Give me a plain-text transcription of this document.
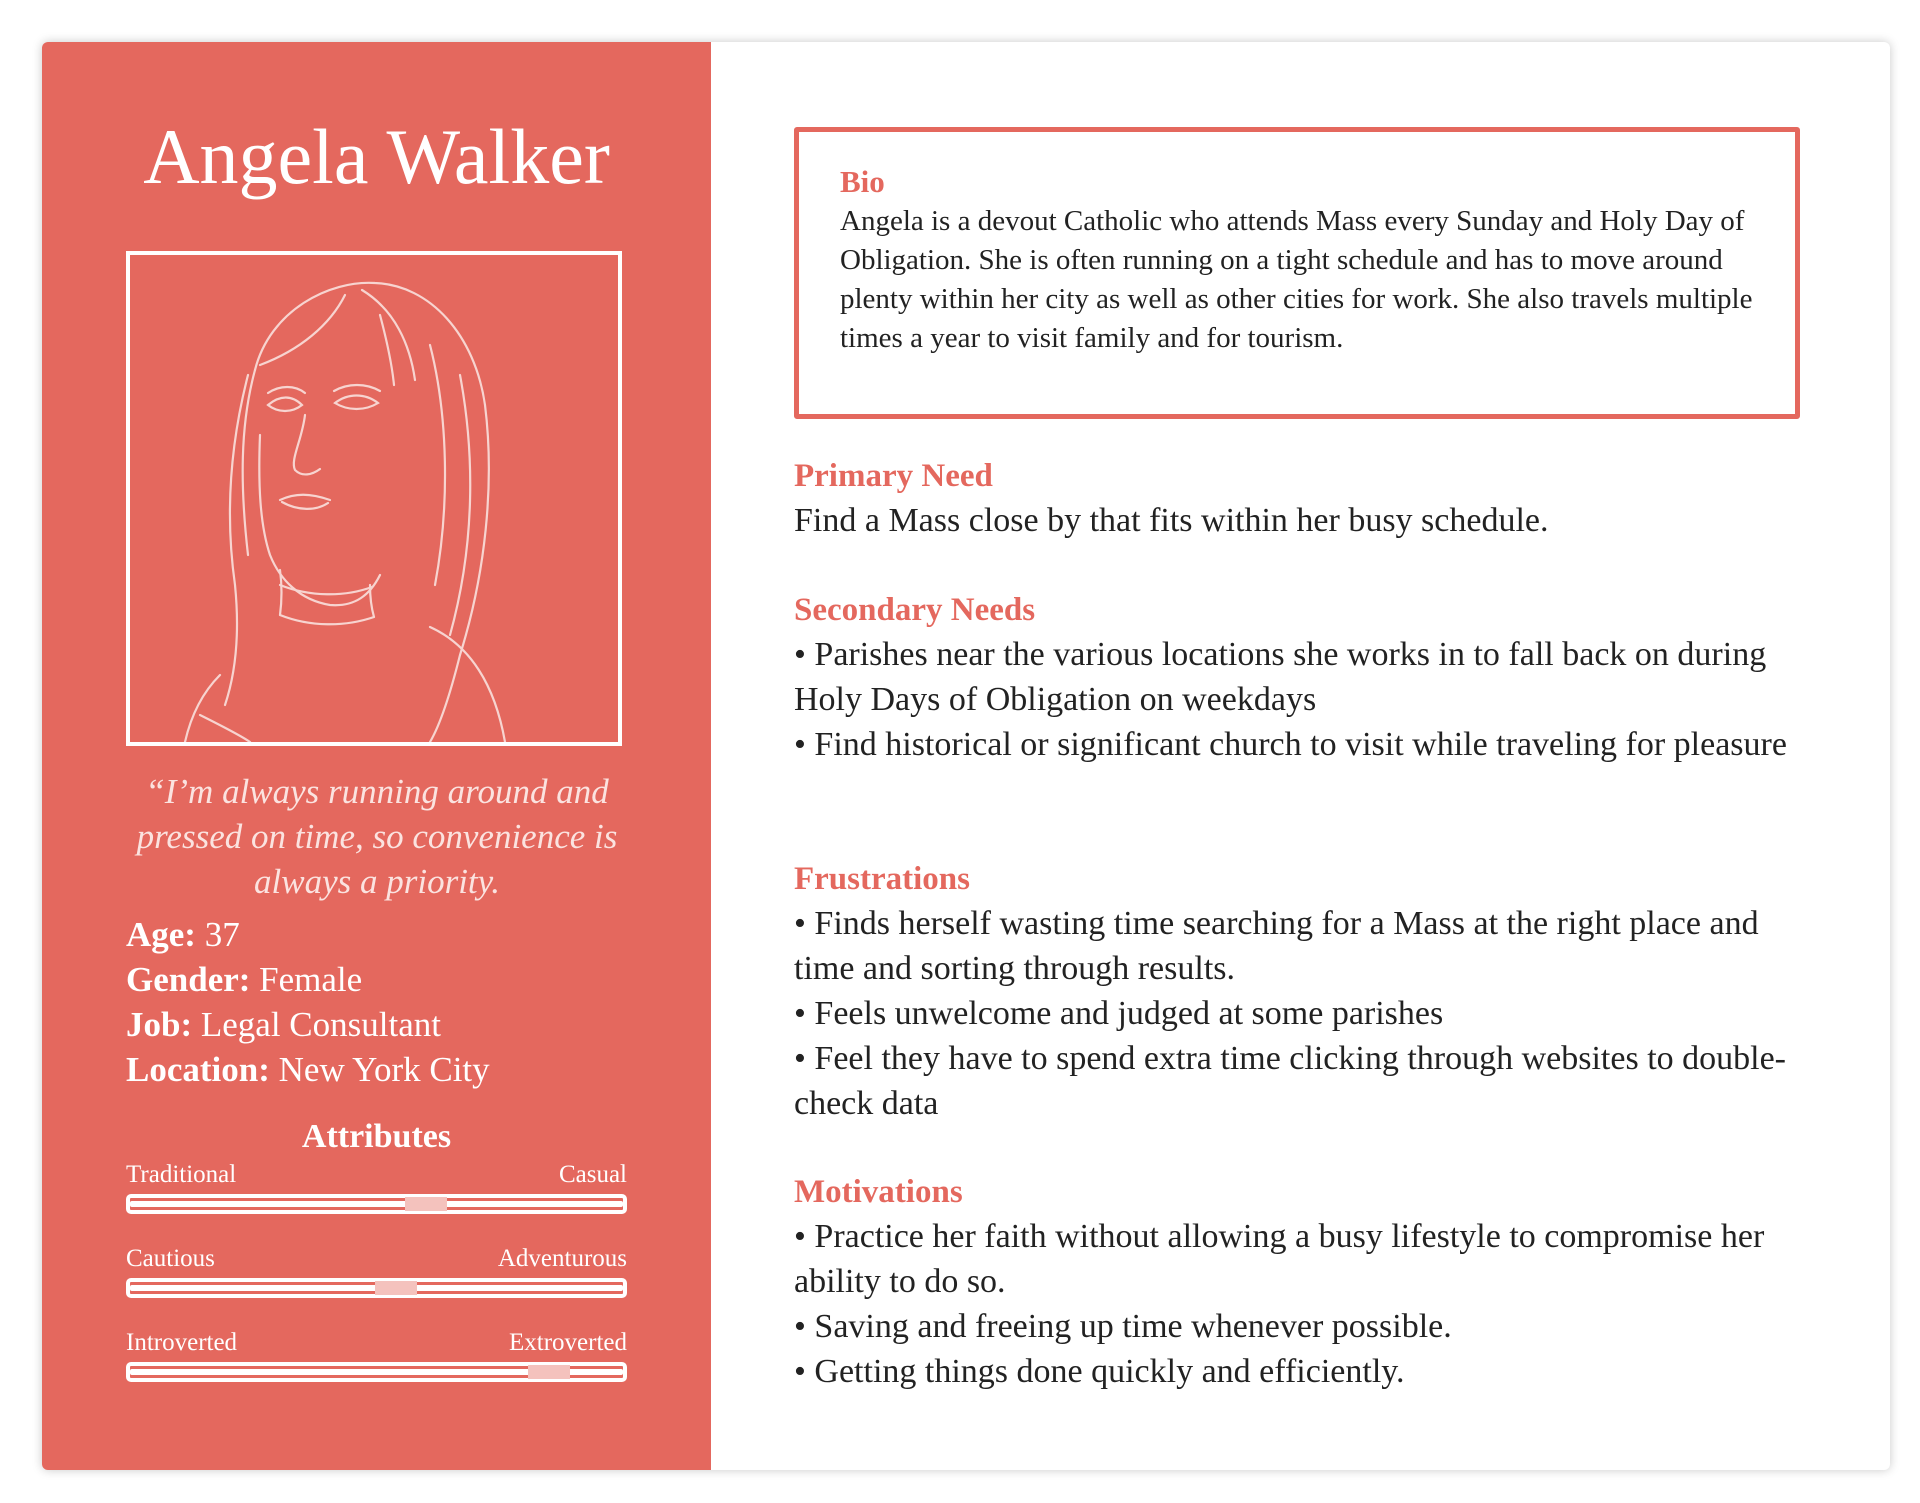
Angela Walker
“I’m always running around and pressed on time, so convenience is always a priority.
Age: 37
Gender: Female
Job: Legal Consultant
Location: New York City
Attributes
Traditional	Casual
Cautious	Adventurous
Introverted	Extroverted
Bio
Angela is a devout Catholic who attends Mass every Sunday and Holy Day of Obligation. She is often running on a tight schedule and has to move around plenty within her city as well as other cities for work. She also travels multiple times a year to visit family and for tourism.
Primary Need
Find a Mass close by that fits within her busy schedule.
Secondary Needs
• Parishes near the various locations she works in to fall back on during Holy Days of Obligation on weekdays
• Find historical or significant church to visit while traveling for pleasure
Frustrations
• Finds herself wasting time searching for a Mass at the right place and time and sorting through results.
• Feels unwelcome and judged at some parishes
• Feel they have to spend extra time clicking through websites to double-check data
Motivations
• Practice her faith without allowing a busy lifestyle to compromise her ability to do so.
• Saving and freeing up time whenever possible.
• Getting things done quickly and efficiently.
